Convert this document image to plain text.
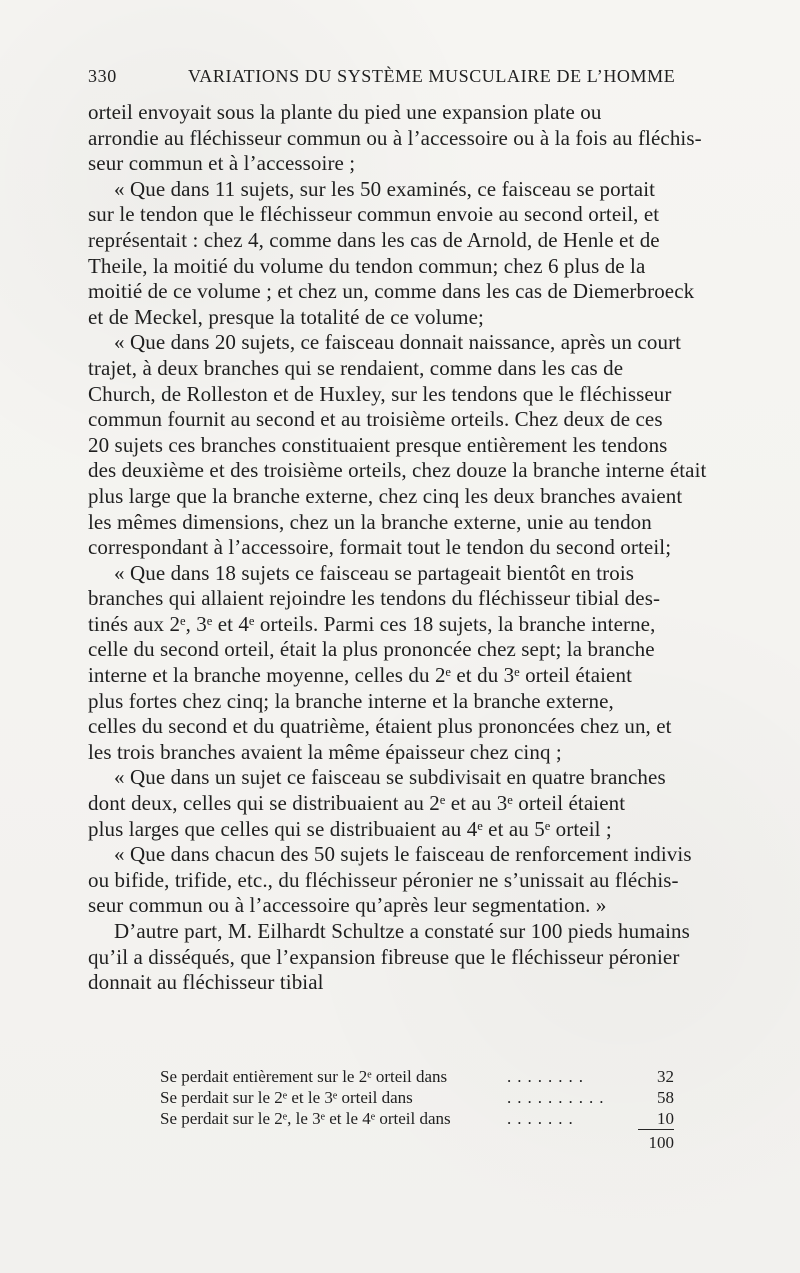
330	VARIATIONS DU SYSTÈME MUSCULAIRE DE L’HOMME

orteil envoyait sous la plante du pied une expansion plate ou
arrondie au fléchisseur commun ou à l’accessoire ou à la fois au fléchis-
seur commun et à l’accessoire ;

« Que dans 11 sujets, sur les 50 examinés, ce faisceau se portait
sur le tendon que le fléchisseur commun envoie au second orteil, et
représentait : chez 4, comme dans les cas de Arnold, de Henle et de
Theile, la moitié du volume du tendon commun; chez 6 plus de la
moitié de ce volume ; et chez un, comme dans les cas de Diemerbroeck
et de Meckel, presque la totalité de ce volume;

« Que dans 20 sujets, ce faisceau donnait naissance, après un court
trajet, à deux branches qui se rendaient, comme dans les cas de
Church, de Rolleston et de Huxley, sur les tendons que le fléchisseur
commun fournit au second et au troisième orteils. Chez deux de ces
20 sujets ces branches constituaient presque entièrement les tendons
des deuxième et des troisième orteils, chez douze la branche interne était
plus large que la branche externe, chez cinq les deux branches avaient
les mêmes dimensions, chez un la branche externe, unie au tendon
correspondant à l’accessoire, formait tout le tendon du second orteil;

« Que dans 18 sujets ce faisceau se partageait bientôt en trois
branches qui allaient rejoindre les tendons du fléchisseur tibial des-
tinés aux 2ᵉ, 3ᵉ et 4ᵉ orteils. Parmi ces 18 sujets, la branche interne,
celle du second orteil, était la plus prononcée chez sept; la branche
interne et la branche moyenne, celles du 2ᵉ et du 3ᵉ orteil étaient
plus fortes chez cinq; la branche interne et la branche externe,
celles du second et du quatrième, étaient plus prononcées chez un, et
les trois branches avaient la même épaisseur chez cinq ;

« Que dans un sujet ce faisceau se subdivisait en quatre branches
dont deux, celles qui se distribuaient au 2ᵉ et au 3ᵉ orteil étaient
plus larges que celles qui se distribuaient au 4ᵉ et au 5ᵉ orteil ;

« Que dans chacun des 50 sujets le faisceau de renforcement indivis
ou bifide, trifide, etc., du fléchisseur péronier ne s’unissait au fléchis-
seur commun ou à l’accessoire qu’après leur segmentation. »

D’autre part, M. Eilhardt Schultze a constaté sur 100 pieds humains
qu’il a disséqués, que l’expansion fibreuse que le fléchisseur péronier
donnait au fléchisseur tibial

Se perdait entièrement sur le 2ᵉ orteil dans	........	32
Se perdait sur le 2ᵉ et le 3ᵉ orteil dans	..........	58
Se perdait sur le 2ᵉ, le 3ᵉ et le 4ᵉ orteil dans	.......	10
100
